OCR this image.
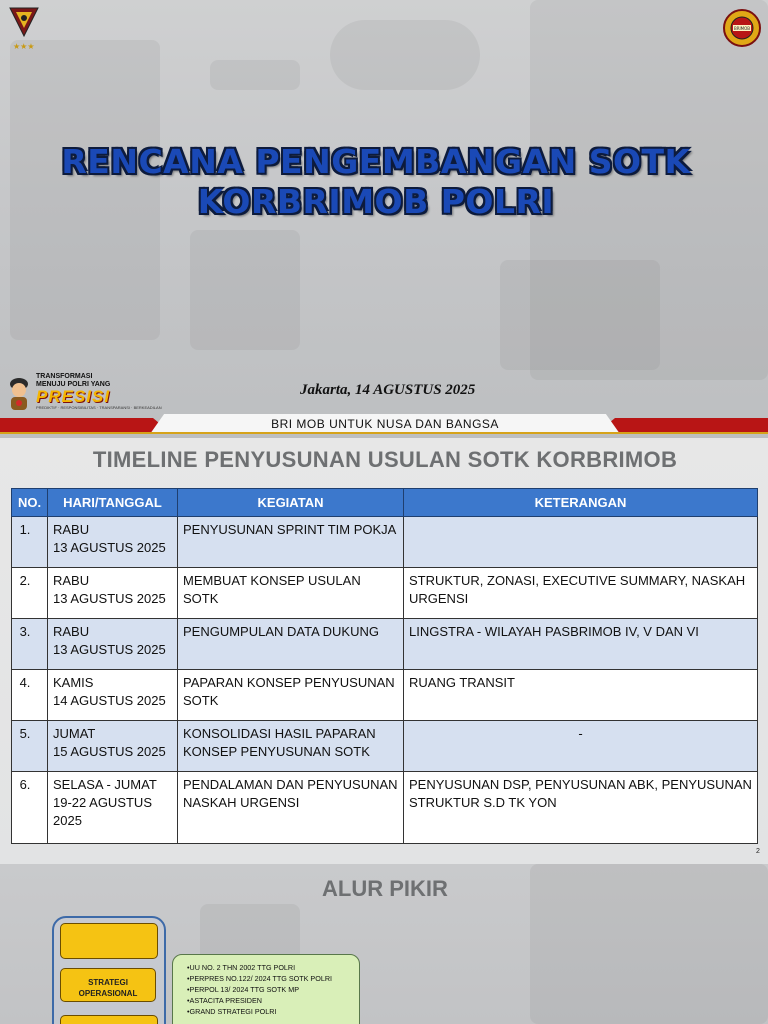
★★★
BRIMOB
RENCANA PENGEMBANGAN SOTK
KORBRIMOB POLRI
TRANSFORMASI
MENUJU POLRI YANG
PRESISI
PREDIKTIF · RESPONSIBILITAS · TRANSPARANSI · BERKEADILAN
Jakarta, 14 AGUSTUS 2025
BRI MOB UNTUK NUSA DAN BANGSA
TIMELINE PENYUSUNAN USULAN SOTK KORBRIMOB
NO.	HARI/TANGGAL	KEGIATAN	KETERANGAN
1.	RABU
13 AGUSTUS 2025	PENYUSUNAN SPRINT TIM POKJA	
2.	RABU
13 AGUSTUS 2025	MEMBUAT KONSEP USULAN SOTK	STRUKTUR, ZONASI, EXECUTIVE SUMMARY, NASKAH URGENSI
3.	RABU
13 AGUSTUS 2025	PENGUMPULAN DATA DUKUNG	LINGSTRA - WILAYAH PASBRIMOB IV, V DAN VI
4.	KAMIS
14 AGUSTUS 2025	PAPARAN KONSEP PENYUSUNAN SOTK	RUANG TRANSIT
5.	JUMAT
15 AGUSTUS 2025	KONSOLIDASI HASIL PAPARAN KONSEP PENYUSUNAN SOTK	-
6.	SELASA - JUMAT
19-22 AGUSTUS 2025	PENDALAMAN DAN PENYUSUNAN NASKAH URGENSI	PENYUSUNAN DSP, PENYUSUNAN ABK, PENYUSUNAN STRUKTUR S.D TK YON
2
ALUR PIKIR
STRATEGI OPERASIONAL
• UU NO. 2 THN 2002 TTG POLRI
• PERPRES NO.122/ 2024 TTG SOTK POLRI
• PERPOL 13/ 2024 TTG SOTK MP
• ASTACITA PRESIDEN
• GRAND STRATEGI POLRI
